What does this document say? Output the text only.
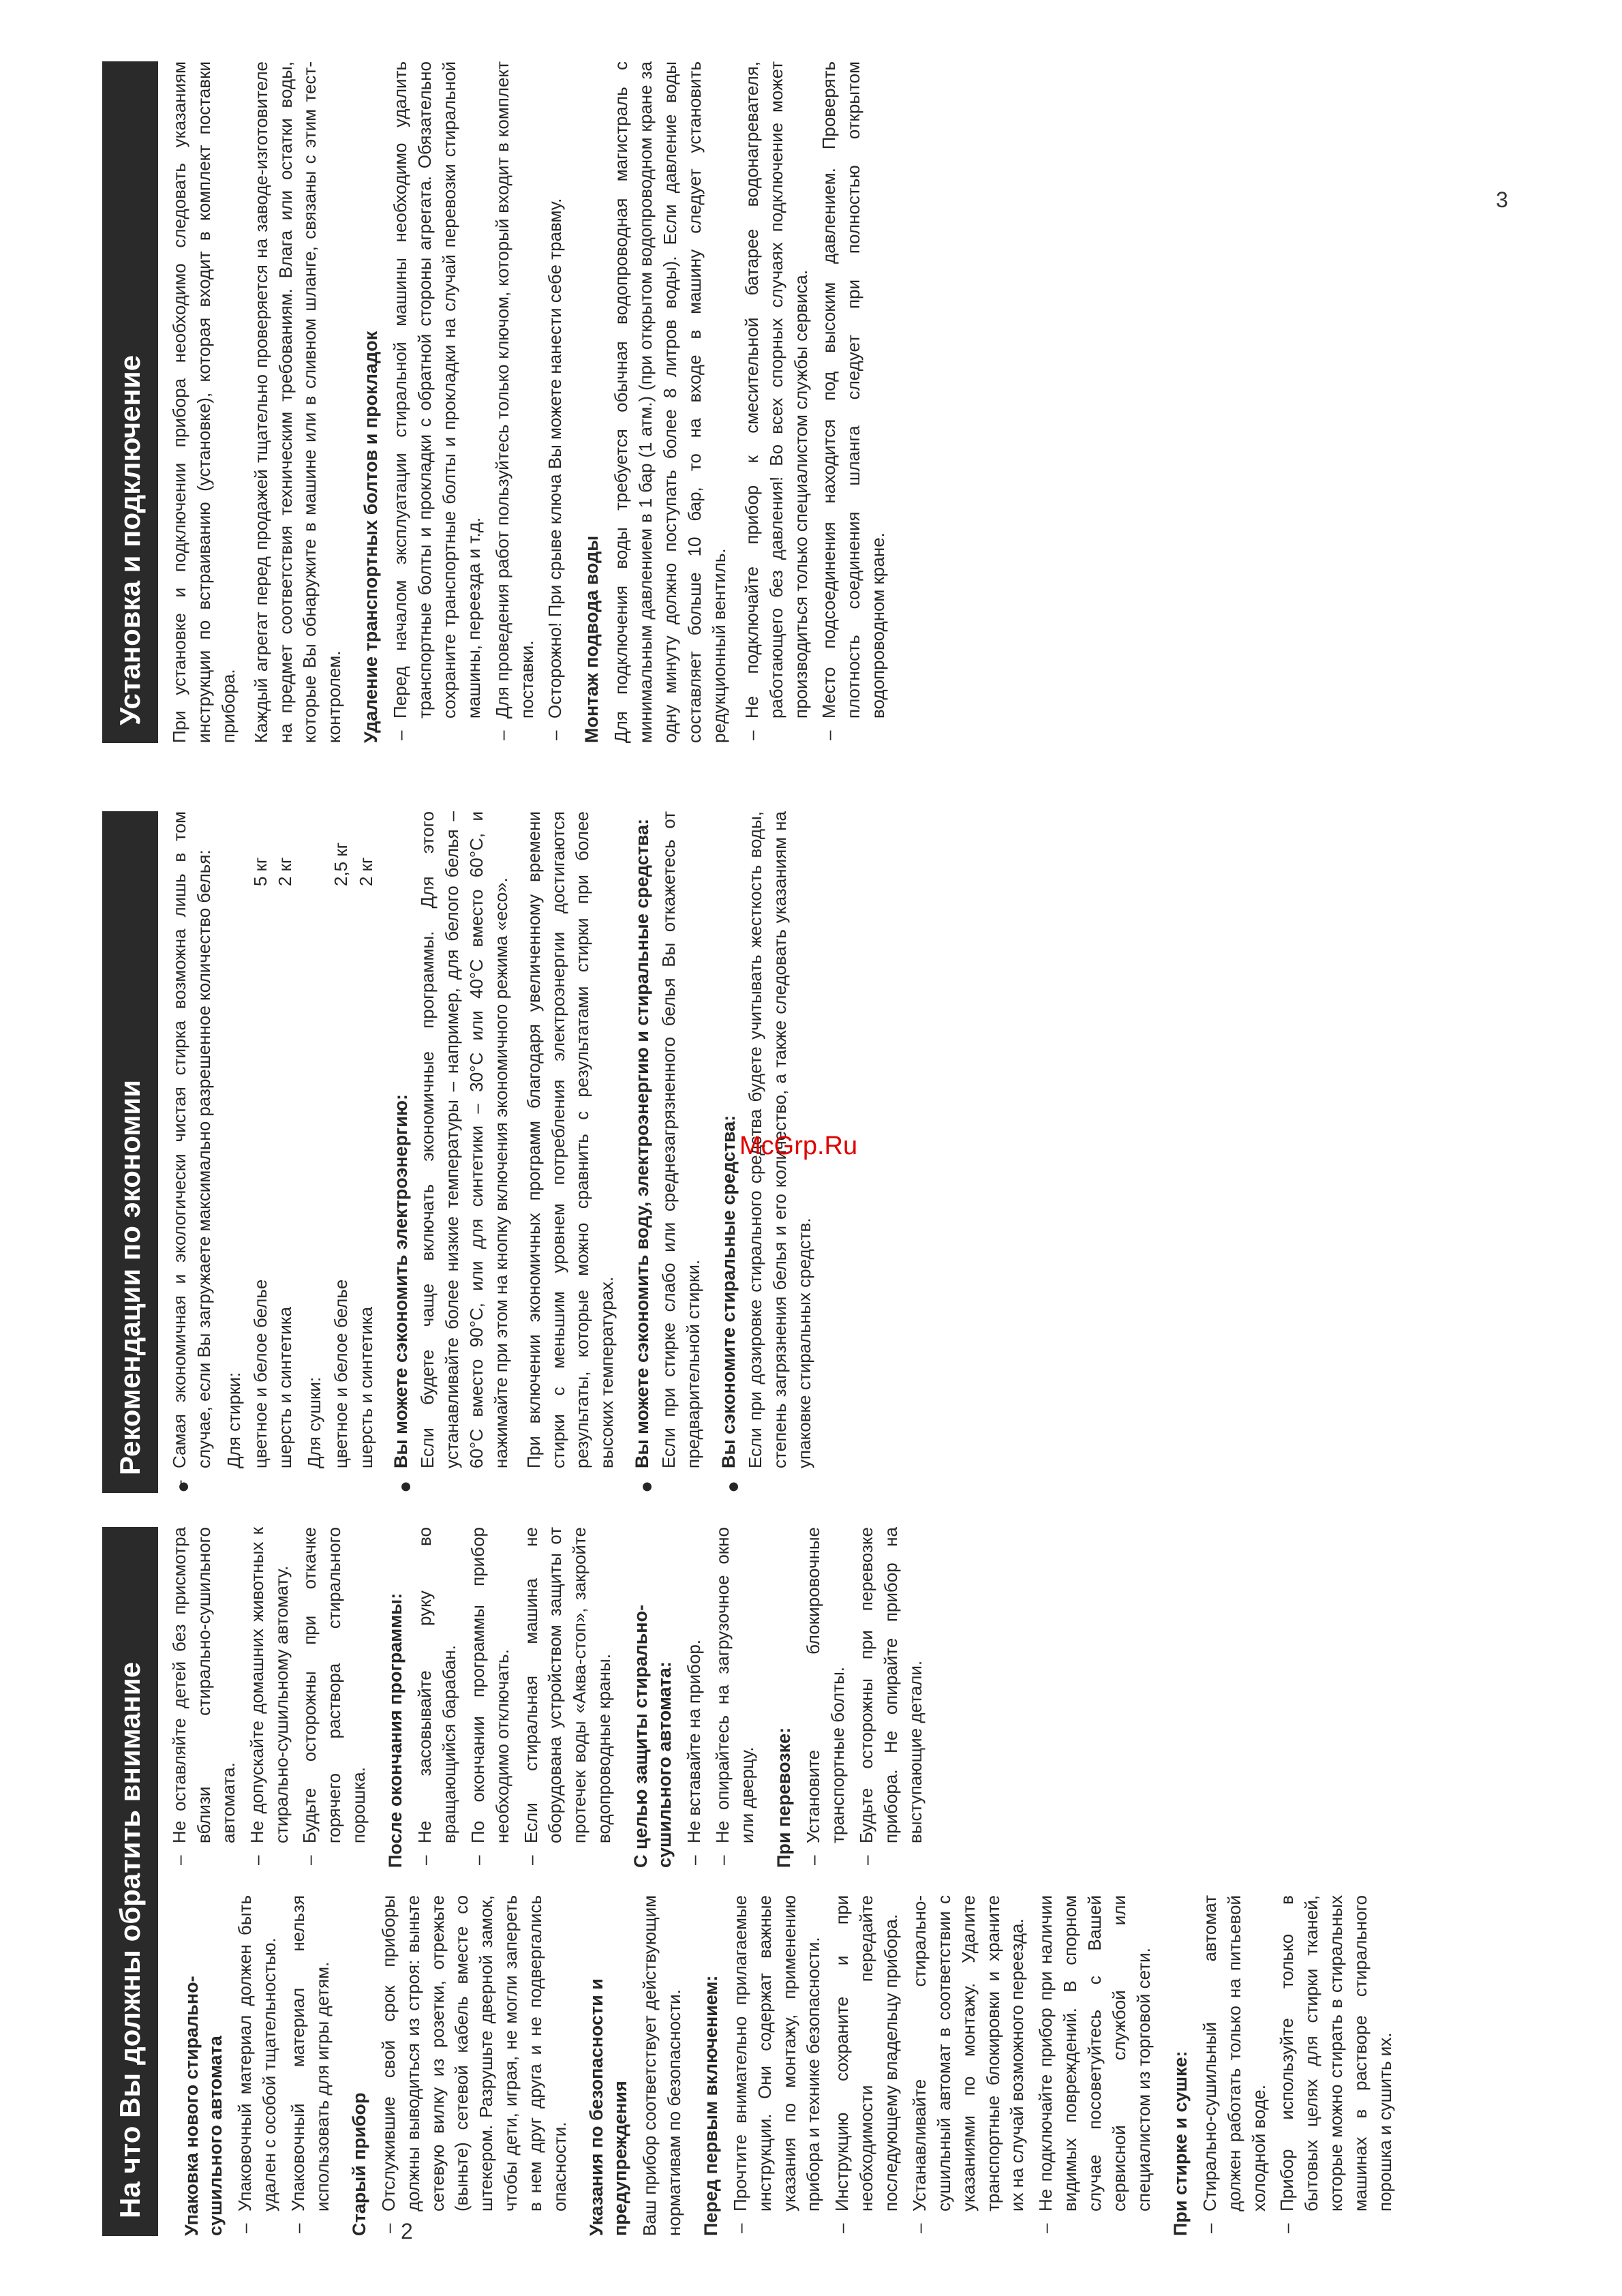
На что Вы должны обратить внимание	Упаковка нового стирально-сушильного автомата – Упаковочный материал должен быть удален с особой тщательностью. – Упаковочный материал нельзя использовать для игры детям. Старый прибор – Отслужившие свой срок приборы должны выводиться из строя: выньте сетевую вилку из розетки, отрежьте (выньте) сетевой кабель вместе со штекером. Разрушьте дверной замок, чтобы дети, играя, не могли запереть в нем друг друга и не подвергались опасности. Указания по безопасности и предупреждения Ваш прибор соответствует действующим нормативам по безопасности. Перед первым включением: – Прочтите внимательно прилагаемые инструкции. Они содержат важные указания по монтажу, применению прибора и технике безопасности. – Инструкцию сохраните и при необходимости передайте последующему владельцу прибора. – Устанавливайте стирально-сушильный автомат в соответствии с указаниями по монтажу. Удалите транспортные блокировки и храните их на случай возможного переезда. – Не подключайте прибор при наличии видимых повреждений. В спорном случае посоветуйтесь с Вашей сервисной службой или специалистом из торговой сети. При стирке и сушке: – Стирально-сушильный автомат должен работать только на питьевой холодной воде. – Прибор используйте только в бытовых целях для стирки тканей, которые можно стирать в стиральных машинах в растворе стирального порошка и сушить их.
– Не оставляйте детей без присмотра вблизи стирально-сушильного автомата. – Не допускайте домашних животных к стирально-сушильному автомату. – Будьте осторожны при откачке горячего раствора стирального порошка. После окончания программы: – Не засовывайте руку во вращающийся барабан. – По окончании программы прибор необходимо отключать. – Если стиральная машина не оборудована устройством защиты от протечек воды «Аква-стоп», закройте водопроводные краны. С целью защиты стирально-сушильного автомата: – Не вставайте на прибор. – Не опирайтесь на загрузочное окно или дверцу. При перевозке: – Установите блокировочные транспортные болты. – Будьте осторожны при перевозке прибора. Не опирайте прибор на выступающие детали.
Рекомендации по экономии
– ●
Самая экономичная и экологически чистая стирка возможна лишь в том случае, если Вы загружаете максимально разрешенное количество белья: Для стирки: цветное и белое белье
5 кг
шерсть и синтетика
2 кг
Для сушки: цветное и белое белье
2,5 кг
шерсть и синтетика
2 кг
●
Вы можете сэкономить электроэнергию: Если будете чаще включать экономичные программы. Для этого устанавливайте более низкие температуры – например, для белого белья – 60°С вместо 90°С, или для синтетики – 30°С или 40°С вместо 60°С, и нажимайте при этом на кнопку включения экономичного режима «eco». При включении экономичных программ благодаря увеличенному времени стирки с меньшим уровнем потребления электроэнергии достигаются результаты, которые можно сравнить с результатами стирки при более высоких температурах.
●
Вы можете сэкономить воду, электроэнергию и стиральные средства: Если при стирке слабо или среднезагрязненного белья Вы откажетесь от предварительной стирки.
●
Вы сэкономите стиральные средства: Если при дозировке стирального средства будете учитывать жесткость воды, степень загрязнения белья и его количество, а также следовать указаниям на упаковке стиральных средств.
Установка и подключение	При установке и подключении прибора необходимо следовать указаниям инструкции по встраиванию (установке), которая входит в комплект поставки прибора. Каждый агрегат перед продажей тщательно проверяется на заводе-изготовителе на предмет соответствия техническим требованиям. Влага или остатки воды, которые Вы обнаружите в машине или в сливном шланге, связаны с этим тест-контролем. Удаление транспортных болтов и прокладок – Перед началом эксплуатации стиральной машины необходимо удалить транспортные болты и прокладки с обратной стороны агрегата. Обязательно сохраните транспортные болты и прокладки на случай перевозки стиральной машины, переезда и т.д. – Для проведения работ пользуйтесь только ключом, который входит в комплект поставки. – Осторожно! При срыве ключа Вы можете нанести себе травму. Монтаж подвода воды Для подключения воды требуется обычная водопроводная магистраль с минимальным давлением в 1 бар (1 атм.) (при открытом водопроводном кране за одну минуту должно поступать более 8 литров воды). Если давление воды составляет больше 10 бар, то на входе в машину следует установить редукционный вентиль. – Не подключайте прибор к смесительной батарее водонагревателя, работающего без давления! Во всех спорных случаях подключение может производиться только специалистом службы сервиса. – Место подсоединения находится под высоким давлением. Проверять плотность соединения шланга следует при полностью открытом водопроводном кране.
McGrp.Ru
2
3
